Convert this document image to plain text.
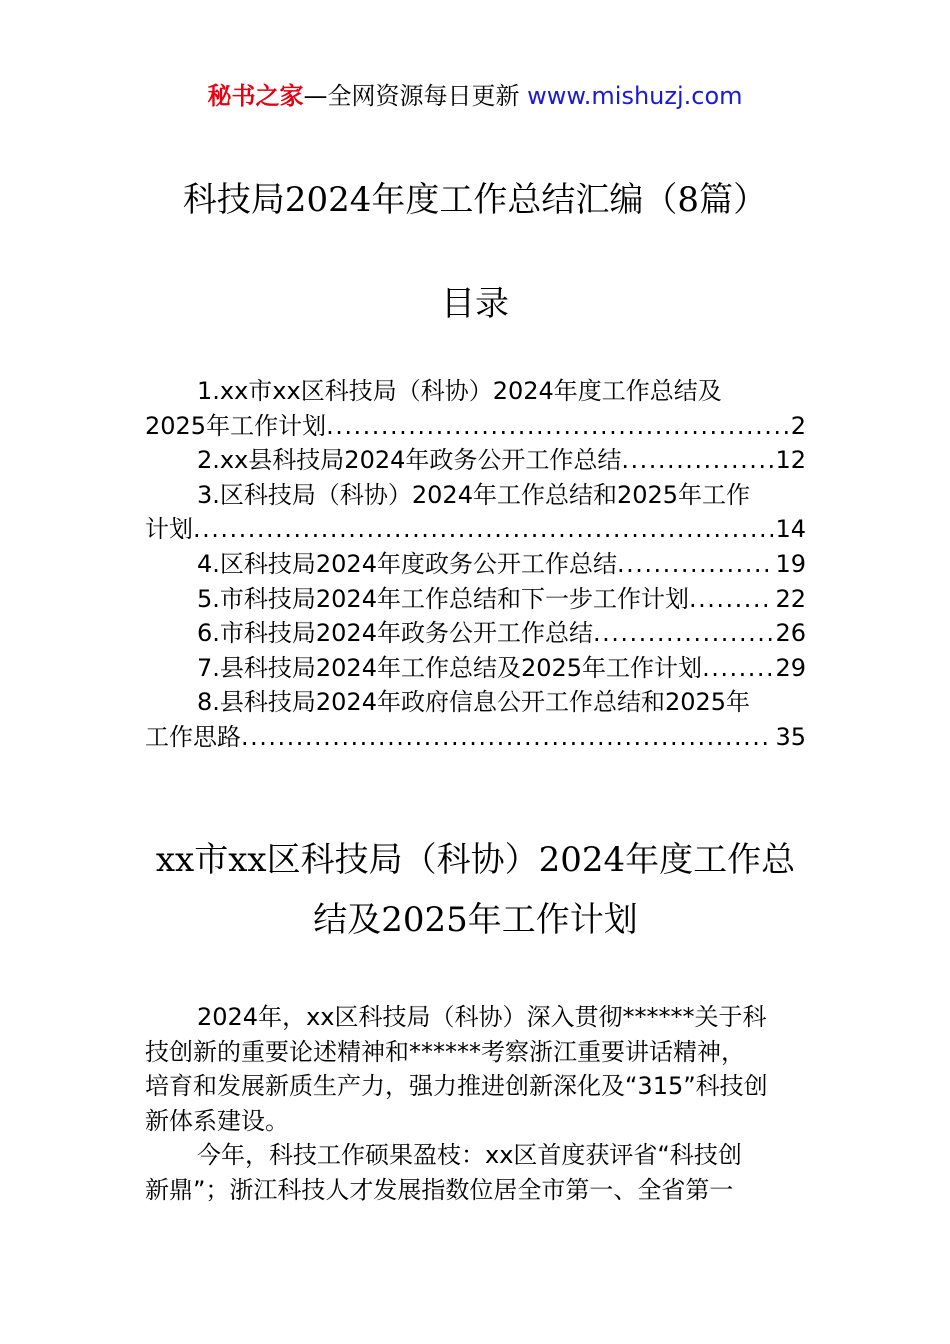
秘书之家—全网资源每日更新 www.mishuzj.com
科技局2024年度工作总结汇编（8篇）
目录
1.xx市xx区科技局（科协）2024年度工作总结及
2025年工作计划 .....	2
2.xx县科技局2024年政务公开工作总结 .....	12
3.区科技局（科协）2024年工作总结和2025年工作
计划 .....	14
4.区科技局2024年度政务公开工作总结 .....	19
5.市科技局2024年工作总结和下一步工作计划 .....	22
6.市科技局2024年政务公开工作总结 .....	26
7.县科技局2024年工作总结及2025年工作计划 .....	29
8.县科技局2024年政府信息公开工作总结和2025年
工作思路 .....	35
xx市xx区科技局（科协）2024年度工作总
结及2025年工作计划
2024年，xx区科技局（科协）深入贯彻******关于科
技创新的重要论述精神和******考察浙江重要讲话精神，
培育和发展新质生产力，强力推进创新深化及“315”科技创
新体系建设。
今年，科技工作硕果盈枝：xx区首度获评省“科技创
新鼎”；浙江科技人才发展指数位居全市第一、全省第一
